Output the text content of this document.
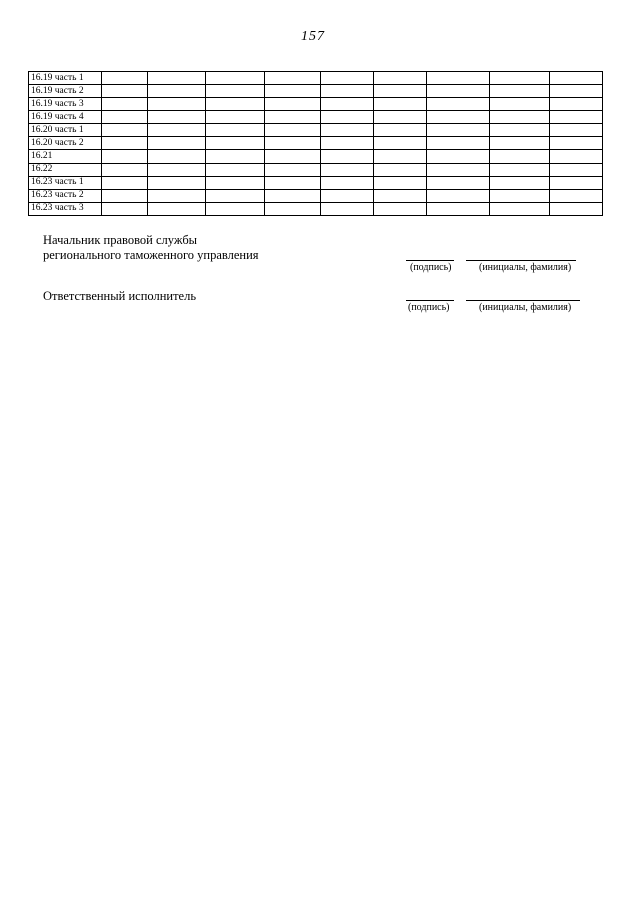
157
16.19 часть 1									
16.19 часть 2									
16.19 часть 3									
16.19 часть 4									
16.20 часть 1									
16.20 часть 2									
16.21									
16.22									
16.23 часть 1									
16.23 часть 2									
16.23 часть 3									
Начальник правовой службы
регионального таможенного управления
(подпись)	(инициалы, фамилия)
Ответственный исполнитель
(подпись)	(инициалы, фамилия)
